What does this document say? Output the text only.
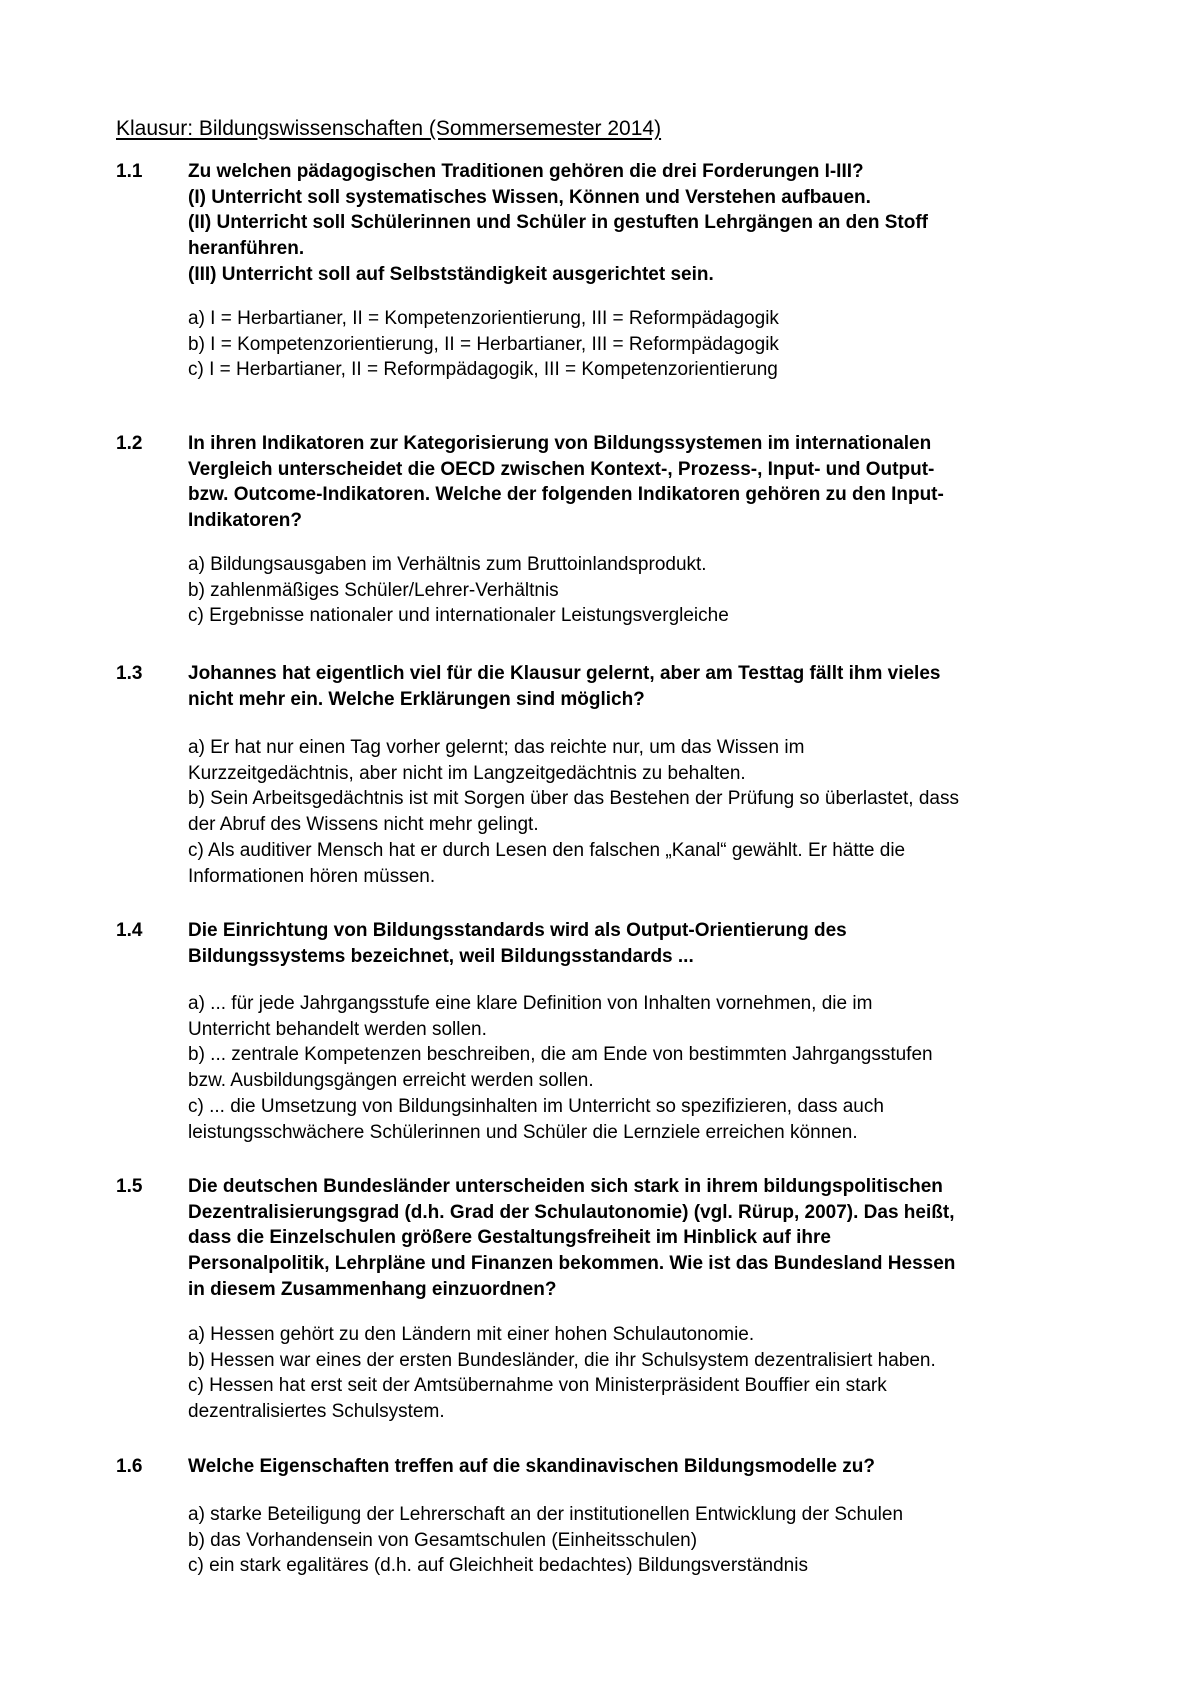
Klausur: Bildungswissenschaften (Sommersemester 2014)
1.1 Zu welchen pädagogischen Traditionen gehören die drei Forderungen I-III?
(I) Unterricht soll systematisches Wissen, Können und Verstehen aufbauen.
(II) Unterricht soll Schülerinnen und Schüler in gestuften Lehrgängen an den Stoff
heranführen.
(III) Unterricht soll auf Selbstständigkeit ausgerichtet sein.
a) I = Herbartianer, II = Kompetenzorientierung, III = Reformpädagogik
b) I = Kompetenzorientierung, II = Herbartianer, III = Reformpädagogik
c) I = Herbartianer, II = Reformpädagogik, III = Kompetenzorientierung
1.2 In ihren Indikatoren zur Kategorisierung von Bildungssystemen im internationalen
Vergleich unterscheidet die OECD zwischen Kontext-, Prozess-, Input- und Output-
bzw. Outcome-Indikatoren. Welche der folgenden Indikatoren gehören zu den Input-
Indikatoren?
a) Bildungsausgaben im Verhältnis zum Bruttoinlandsprodukt.
b) zahlenmäßiges Schüler/Lehrer-Verhältnis
c) Ergebnisse nationaler und internationaler Leistungsvergleiche
1.3 Johannes hat eigentlich viel für die Klausur gelernt, aber am Testtag fällt ihm vieles
nicht mehr ein. Welche Erklärungen sind möglich?
a) Er hat nur einen Tag vorher gelernt; das reichte nur, um das Wissen im
Kurzzeitgedächtnis, aber nicht im Langzeitgedächtnis zu behalten.
b) Sein Arbeitsgedächtnis ist mit Sorgen über das Bestehen der Prüfung so überlastet, dass
der Abruf des Wissens nicht mehr gelingt.
c) Als auditiver Mensch hat er durch Lesen den falschen „Kanal“ gewählt. Er hätte die
Informationen hören müssen.
1.4 Die Einrichtung von Bildungsstandards wird als Output-Orientierung des
Bildungssystems bezeichnet, weil Bildungsstandards ...
a) ... für jede Jahrgangsstufe eine klare Definition von Inhalten vornehmen, die im
Unterricht behandelt werden sollen.
b) ... zentrale Kompetenzen beschreiben, die am Ende von bestimmten Jahrgangsstufen
bzw. Ausbildungsgängen erreicht werden sollen.
c) ... die Umsetzung von Bildungsinhalten im Unterricht so spezifizieren, dass auch
leistungsschwächere Schülerinnen und Schüler die Lernziele erreichen können.
1.5 Die deutschen Bundesländer unterscheiden sich stark in ihrem bildungspolitischen
Dezentralisierungsgrad (d.h. Grad der Schulautonomie) (vgl. Rürup, 2007). Das heißt,
dass die Einzelschulen größere Gestaltungsfreiheit im Hinblick auf ihre
Personalpolitik, Lehrpläne und Finanzen bekommen. Wie ist das Bundesland Hessen
in diesem Zusammenhang einzuordnen?
a) Hessen gehört zu den Ländern mit einer hohen Schulautonomie.
b) Hessen war eines der ersten Bundesländer, die ihr Schulsystem dezentralisiert haben.
c) Hessen hat erst seit der Amtsübernahme von Ministerpräsident Bouffier ein stark
dezentralisiertes Schulsystem.
1.6 Welche Eigenschaften treffen auf die skandinavischen Bildungsmodelle zu?
a) starke Beteiligung der Lehrerschaft an der institutionellen Entwicklung der Schulen
b) das Vorhandensein von Gesamtschulen (Einheitsschulen)
c) ein stark egalitäres (d.h. auf Gleichheit bedachtes) Bildungsverständnis
